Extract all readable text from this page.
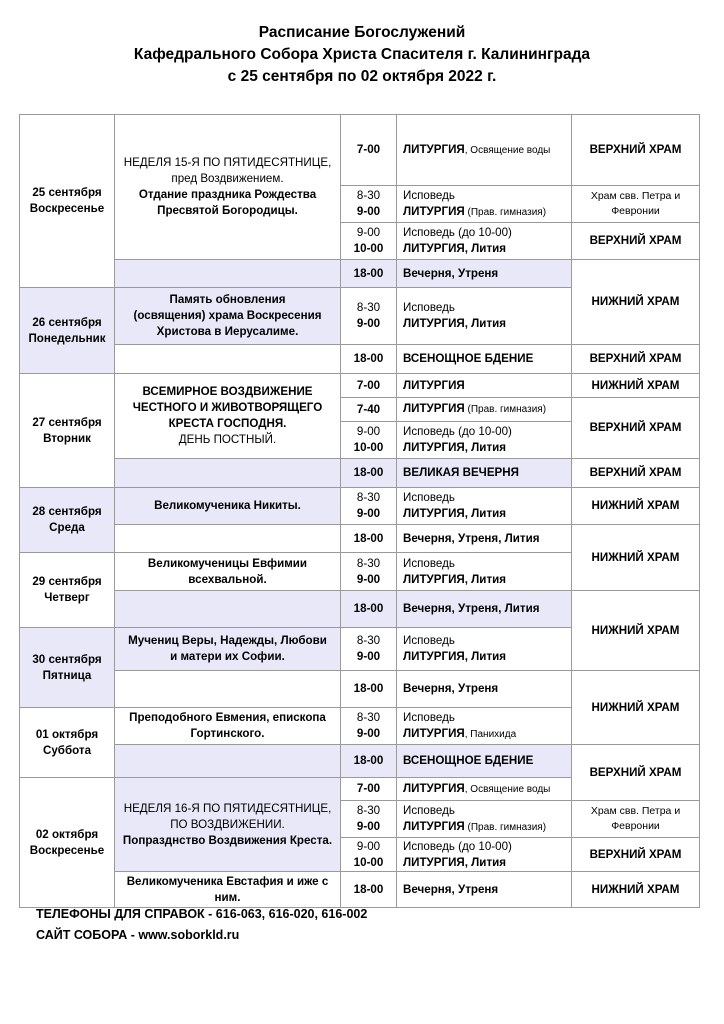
Расписание Богослужений
Кафедрального Собора Христа Спасителя г. Калининграда
с 25 сентября по 02 октября 2022 г.
25 сентября
Воскресенье
26 сентября
Понедельник
27 сентября
Вторник
28 сентября
Среда
29 сентября
Четверг
30 сентября
Пятница
01 октября
Суббота
02 октября
Воскресенье
НЕДЕЛЯ 15-Я ПО ПЯТИДЕСЯТНИЦЕ,
пред Воздвижением.
Отдание праздника Рождества
Пресвятой Богородицы.
Память обновления
(освящения) храма Воскресения
Христова в Иерусалиме.
ВСЕМИРНОЕ ВОЗДВИЖЕНИЕ
ЧЕСТНОГО И ЖИВОТВОРЯЩЕГО
КРЕСТА ГОСПОДНЯ.
ДЕНЬ ПОСТНЫЙ.
Великомученика Никиты.
Великомученицы Евфимии
всехвальной.
Мучениц Веры, Надежды, Любови
и матери их Софии.
Преподобного Евмения, епископа
Гортинского.
НЕДЕЛЯ 16-Я ПО ПЯТИДЕСЯТНИЦЕ,
ПО ВОЗДВИЖЕНИИ.
Попразднство Воздвижения Креста.
Великомученика Евстафия и иже с
ним.
7-00 ЛИТУРГИЯ, Освящение воды
8-30
9-00
Исповедь
ЛИТУРГИЯ (Прав. гимназия)
9-00
10-00
Исповедь (до 10-00)
ЛИТУРГИЯ, Лития
18-00 Вечерня, Утреня
8-30
9-00
Исповедь
ЛИТУРГИЯ, Лития
18-00 ВСЕНОЩНОЕ БДЕНИЕ
7-00 ЛИТУРГИЯ
7-40 ЛИТУРГИЯ (Прав. гимназия)
9-00
10-00
Исповедь (до 10-00)
ЛИТУРГИЯ, Лития
18-00 ВЕЛИКАЯ ВЕЧЕРНЯ
8-30
9-00
Исповедь
ЛИТУРГИЯ, Лития
18-00 Вечерня, Утреня, Лития
8-30
9-00
Исповедь
ЛИТУРГИЯ, Лития
18-00 Вечерня, Утреня, Лития
8-30
9-00
Исповедь
ЛИТУРГИЯ, Лития
18-00 Вечерня, Утреня
8-30
9-00
Исповедь
ЛИТУРГИЯ, Панихида
18-00 ВСЕНОЩНОЕ БДЕНИЕ
7-00 ЛИТУРГИЯ, Освящение воды
8-30
9-00
Исповедь
ЛИТУРГИЯ (Прав. гимназия)
9-00
10-00
Исповедь (до 10-00)
ЛИТУРГИЯ, Лития
18-00 Вечерня, Утреня
ВЕРХНИЙ ХРАМ
Храм свв. Петра и
Февронии
ВЕРХНИЙ ХРАМ
НИЖНИЙ ХРАМ
ВЕРХНИЙ ХРАМ
НИЖНИЙ ХРАМ
ВЕРХНИЙ ХРАМ
ВЕРХНИЙ ХРАМ
НИЖНИЙ ХРАМ
НИЖНИЙ ХРАМ
НИЖНИЙ ХРАМ
НИЖНИЙ ХРАМ
ВЕРХНИЙ ХРАМ
Храм свв. Петра и
Февронии
ВЕРХНИЙ ХРАМ
НИЖНИЙ ХРАМ
ТЕЛЕФОНЫ ДЛЯ СПРАВОК - 616-063, 616-020, 616-002
САЙТ СОБОРА - www.soborkld.ru
